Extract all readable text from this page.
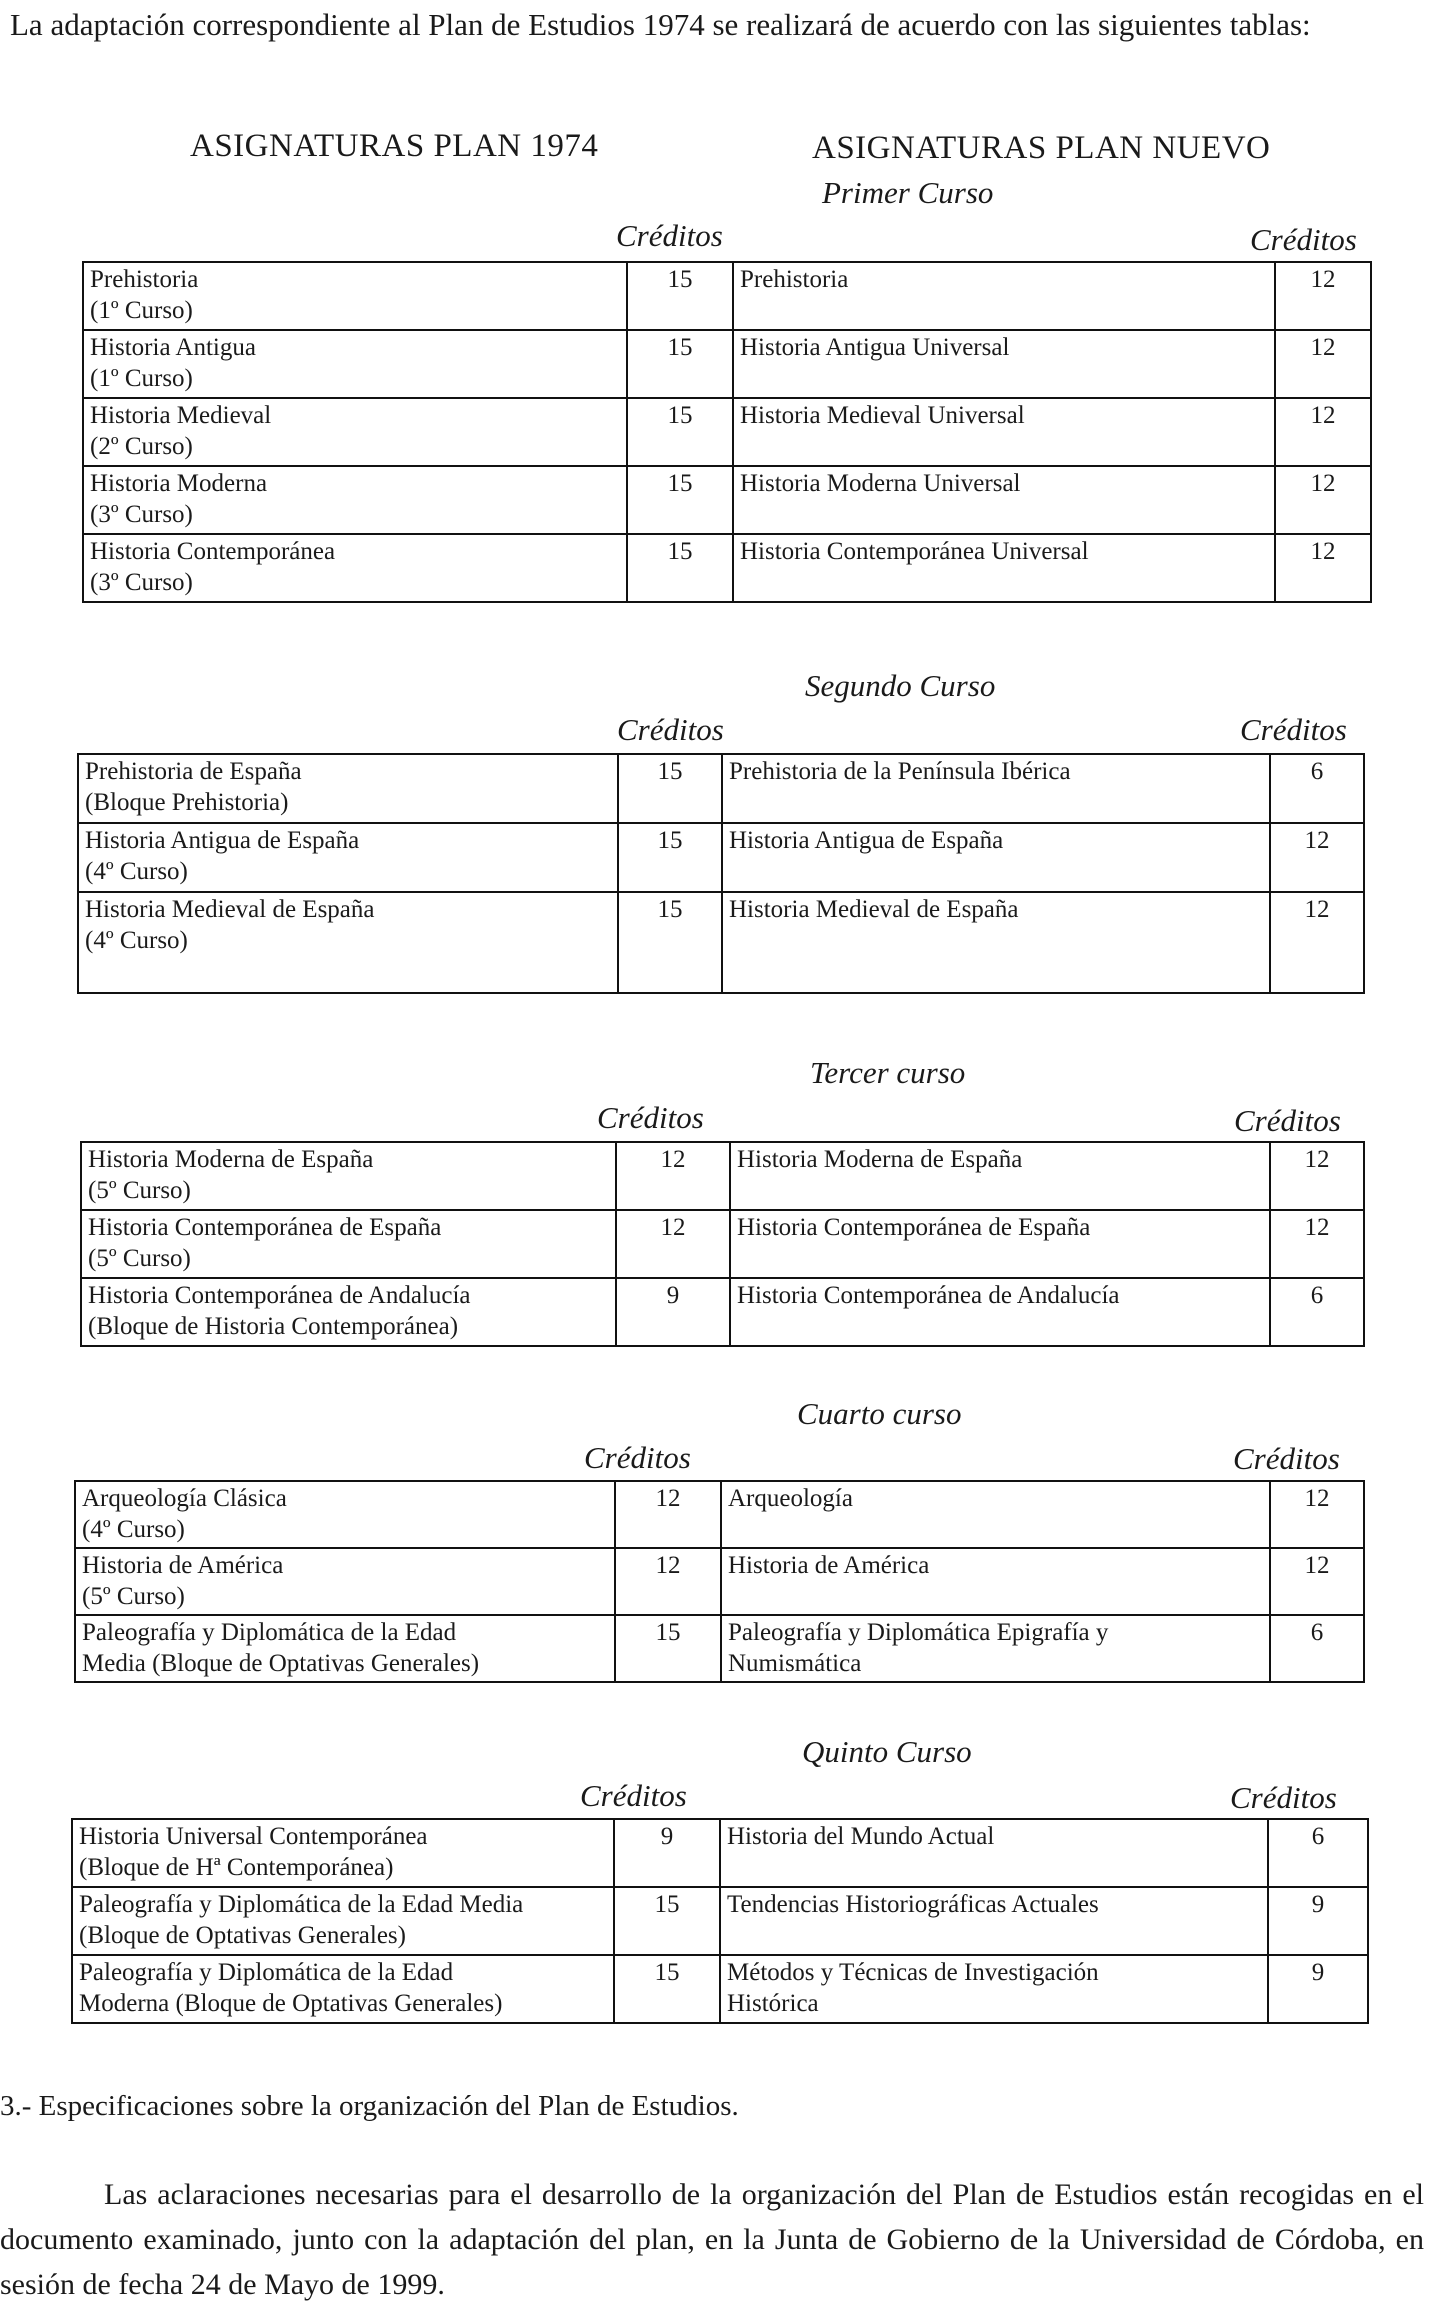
La adaptación correspondiente al Plan de Estudios 1974 se realizará de acuerdo con las siguientes tablas:
ASIGNATURAS PLAN 1974	ASIGNATURAS PLAN NUEVO
Primer Curso
Créditos	Créditos
Prehistoria
(1º Curso)	15	Prehistoria	12

Historia Antigua
(1º Curso)	15	Historia Antigua Universal	12

Historia Medieval
(2º Curso)	15	Historia Medieval Universal	12

Historia Moderna
(3º Curso)	15	Historia Moderna Universal	12

Historia Contemporánea
(3º Curso)	15	Historia Contemporánea Universal	12
Segundo Curso
Créditos	Créditos
Prehistoria de España
(Bloque Prehistoria)	15	Prehistoria de la Península Ibérica	6

Historia Antigua de España
(4º Curso)	15	Historia Antigua de España	12

Historia Medieval de España
(4º Curso)	15	Historia Medieval de España	12
Tercer curso
Créditos	Créditos
Historia Moderna de España
(5º Curso)	12	Historia Moderna de España	12

Historia Contemporánea de España
(5º Curso)	12	Historia Contemporánea de España	12

Historia Contemporánea de Andalucía
(Bloque de Historia Contemporánea)	9	Historia Contemporánea de Andalucía	6
Cuarto curso
Créditos	Créditos
Arqueología Clásica
(4º Curso)	12	Arqueología	12

Historia de América
(5º Curso)	12	Historia de América	12

Paleografía y Diplomática de la Edad
Media (Bloque de Optativas Generales)	15	Paleografía y Diplomática Epigrafía y
Numismática	6
Quinto Curso
Créditos	Créditos
Historia Universal Contemporánea
(Bloque de Hª Contemporánea)	9	Historia del Mundo Actual	6

Paleografía y Diplomática de la Edad Media
(Bloque de Optativas Generales)	15	Tendencias Historiográficas Actuales	9

Paleografía y Diplomática de la Edad
Moderna (Bloque de Optativas Generales)	15	Métodos y Técnicas de Investigación
Histórica	9
3.- Especificaciones sobre la organización del Plan de Estudios.
Las aclaraciones necesarias para el desarrollo de la organización del Plan de Estudios están recogidas en el documento examinado, junto con la adaptación del plan, en la Junta de Gobierno de la Universidad de Córdoba, en sesión de fecha 24 de Mayo de 1999.
